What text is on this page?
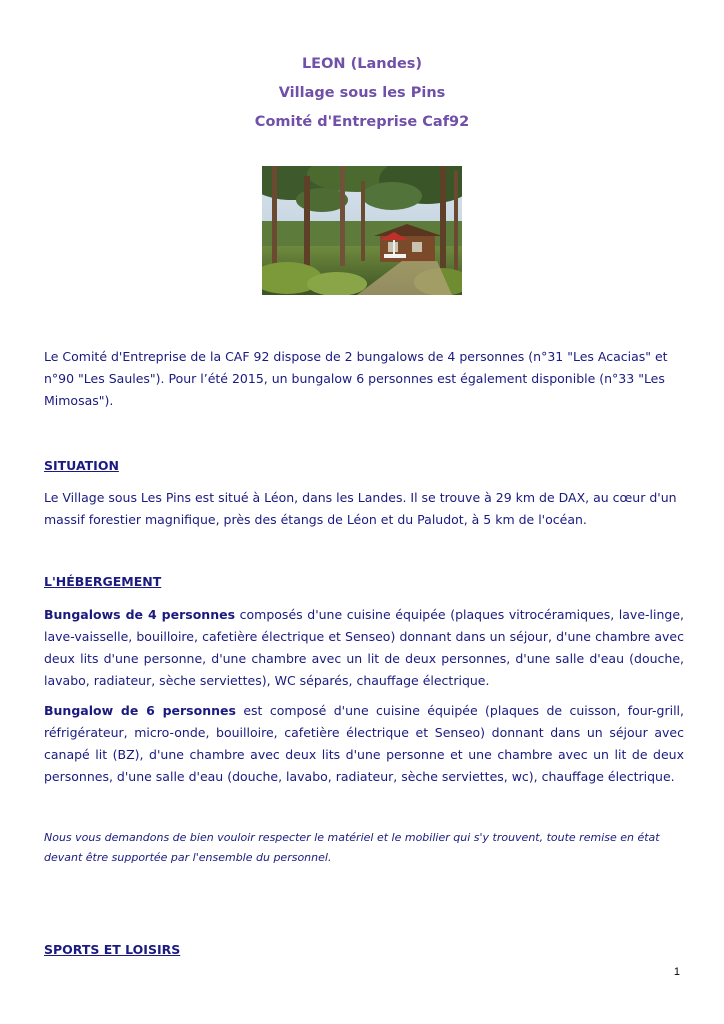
LEON (Landes)
Village sous les Pins
Comité d'Entreprise Caf92

Le Comité d'Entreprise de la CAF 92 dispose de 2 bungalows de 4 personnes (n°31 "Les Acacias" et n°90 "Les Saules"). Pour l’été 2015, un bungalow 6 personnes est également disponible (n°33 "Les Mimosas").

SITUATION

Le Village sous Les Pins est situé à Léon, dans les Landes. Il se trouve à 29 km de DAX, au cœur d'un massif forestier magnifique, près des étangs de Léon et du Paludot, à 5 km de l'océan.

L'HÉBERGEMENT

Bungalows de 4 personnes composés d'une cuisine équipée (plaques vitrocéramiques, lave-linge, lave-vaisselle, bouilloire, cafetière électrique et Senseo) donnant dans un séjour, d'une chambre avec deux lits d'une personne, d'une chambre avec un lit de deux personnes, d'une salle d'eau (douche, lavabo, radiateur, sèche serviettes), WC séparés, chauffage électrique.

Bungalow de 6 personnes est composé d'une cuisine équipée (plaques de cuisson, four-grill, réfrigérateur, micro-onde, bouilloire, cafetière électrique et Senseo) donnant dans un séjour avec canapé lit (BZ), d'une chambre avec deux lits d'une personne et une chambre avec un lit de deux personnes, d'une salle d'eau (douche, lavabo, radiateur, sèche serviettes, wc), chauffage électrique.

Nous vous demandons de bien vouloir respecter le matériel et le mobilier qui s'y trouvent, toute remise en état devant être supportée par l'ensemble du personnel.

SPORTS ET LOISIRS
1
